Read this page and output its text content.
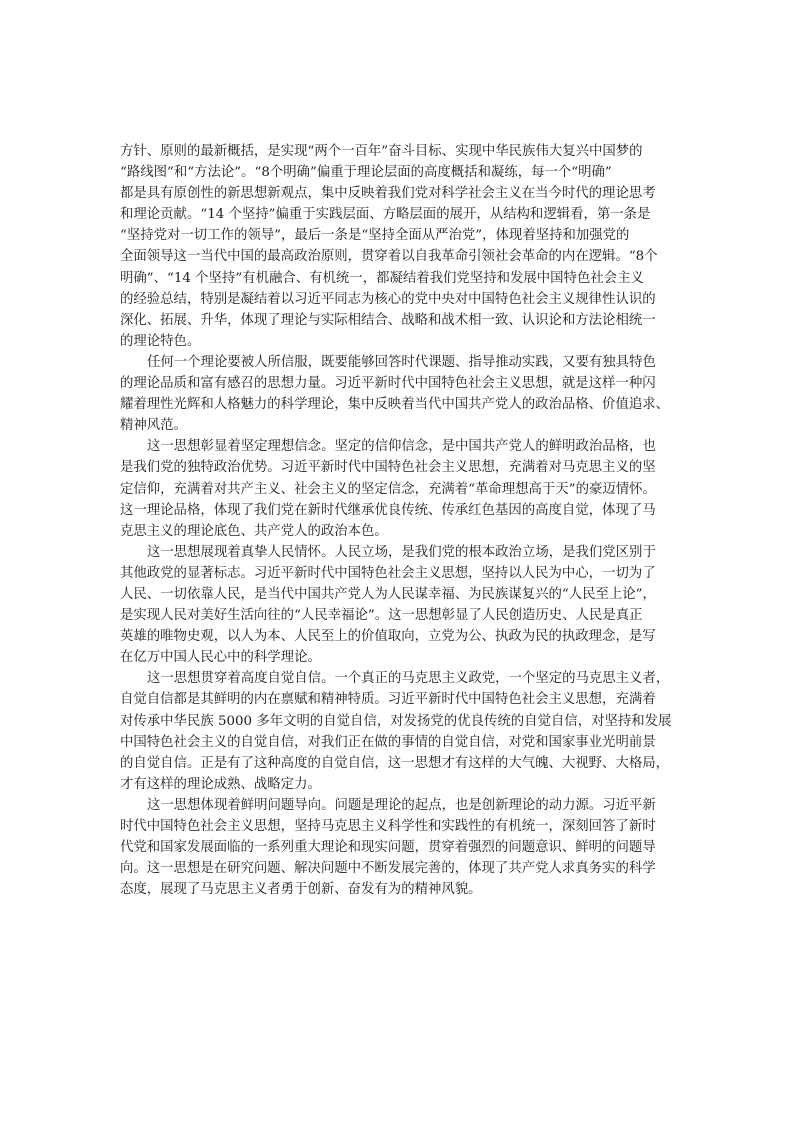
方针、原则的最新概括，是实现“两个一百年”奋斗目标、实现中华民族伟大复兴中国梦的
“路线图”和“方法论”。“8个明确”偏重于理论层面的高度概括和凝练，每一个“明确”
都是具有原创性的新思想新观点，集中反映着我们党对科学社会主义在当今时代的理论思考
和理论贡献。“14 个坚持”偏重于实践层面、方略层面的展开，从结构和逻辑看，第一条是
“坚持党对一切工作的领导”，最后一条是“坚持全面从严治党”，体现着坚持和加强党的
全面领导这一当代中国的最高政治原则，贯穿着以自我革命引领社会革命的内在逻辑。“8个
明确”、“14 个坚持”有机融合、有机统一，都凝结着我们党坚持和发展中国特色社会主义
的经验总结，特别是凝结着以习近平同志为核心的党中央对中国特色社会主义规律性认识的
深化、拓展、升华，体现了理论与实际相结合、战略和战术相一致、认识论和方法论相统一
的理论特色。
任何一个理论要被人所信服，既要能够回答时代课题、指导推动实践，又要有独具特色
的理论品质和富有感召的思想力量。习近平新时代中国特色社会主义思想，就是这样一种闪
耀着理性光辉和人格魅力的科学理论，集中反映着当代中国共产党人的政治品格、价值追求、
精神风范。
这一思想彰显着坚定理想信念。坚定的信仰信念，是中国共产党人的鲜明政治品格，也
是我们党的独特政治优势。习近平新时代中国特色社会主义思想，充满着对马克思主义的坚
定信仰，充满着对共产主义、社会主义的坚定信念，充满着“革命理想高于天”的豪迈情怀。
这一理论品格，体现了我们党在新时代继承优良传统、传承红色基因的高度自觉，体现了马
克思主义的理论底色、共产党人的政治本色。
这一思想展现着真挚人民情怀。人民立场，是我们党的根本政治立场，是我们党区别于
其他政党的显著标志。习近平新时代中国特色社会主义思想，坚持以人民为中心，一切为了
人民、一切依靠人民，是当代中国共产党人为人民谋幸福、为民族谋复兴的“人民至上论”，
是实现人民对美好生活向往的“人民幸福论”。这一思想彰显了人民创造历史、人民是真正
英雄的唯物史观，以人为本、人民至上的价值取向，立党为公、执政为民的执政理念，是写
在亿万中国人民心中的科学理论。
这一思想贯穿着高度自觉自信。一个真正的马克思主义政党，一个坚定的马克思主义者，
自觉自信都是其鲜明的内在禀赋和精神特质。习近平新时代中国特色社会主义思想，充满着
对传承中华民族 5000 多年文明的自觉自信，对发扬党的优良传统的自觉自信，对坚持和发展
中国特色社会主义的自觉自信，对我们正在做的事情的自觉自信，对党和国家事业光明前景
的自觉自信。正是有了这种高度的自觉自信，这一思想才有这样的大气魄、大视野、大格局，
才有这样的理论成熟、战略定力。
这一思想体现着鲜明问题导向。问题是理论的起点，也是创新理论的动力源。习近平新
时代中国特色社会主义思想，坚持马克思主义科学性和实践性的有机统一，深刻回答了新时
代党和国家发展面临的一系列重大理论和现实问题，贯穿着强烈的问题意识、鲜明的问题导
向。这一思想是在研究问题、解决问题中不断发展完善的，体现了共产党人求真务实的科学
态度，展现了马克思主义者勇于创新、奋发有为的精神风貌。
